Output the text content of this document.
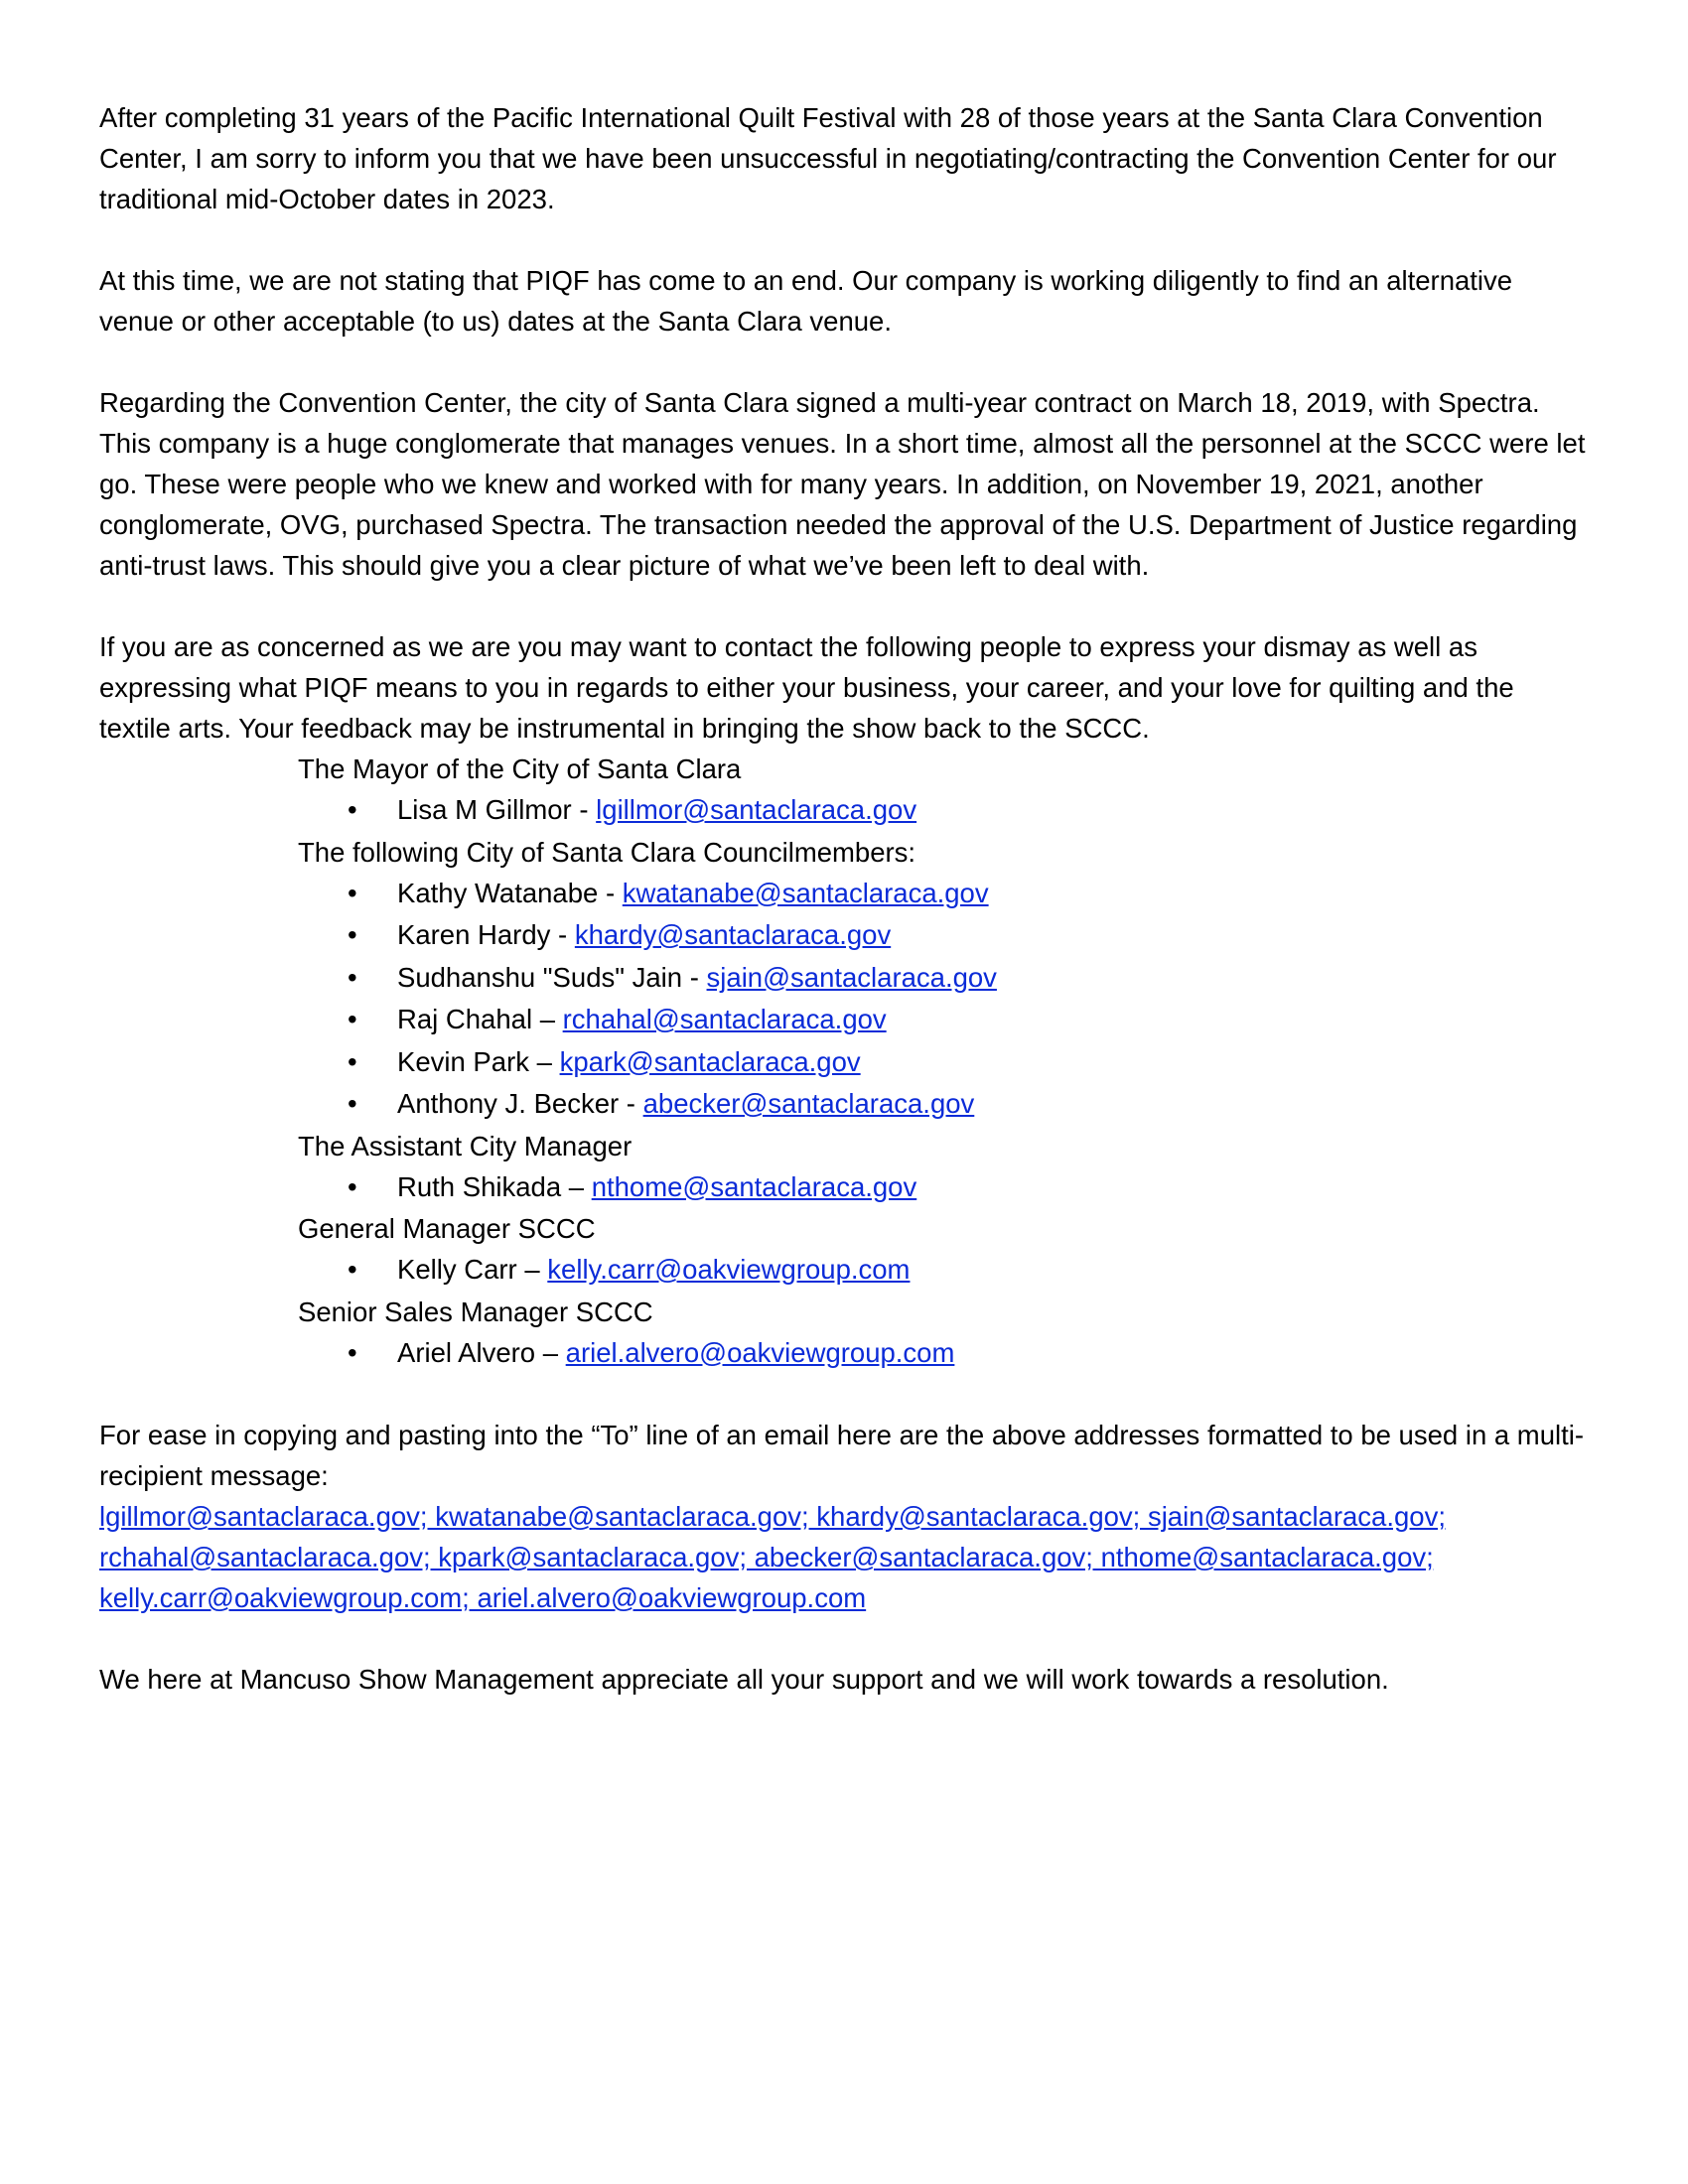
After completing 31 years of the Pacific International Quilt Festival with 28 of those years at the Santa Clara Convention Center, I am sorry to inform you that we have been unsuccessful in negotiating/contracting the Convention Center for our traditional mid-October dates in 2023.

At this time, we are not stating that PIQF has come to an end. Our company is working diligently to find an alternative venue or other acceptable (to us) dates at the Santa Clara venue.

Regarding the Convention Center, the city of Santa Clara signed a multi-year contract on March 18, 2019, with Spectra. This company is a huge conglomerate that manages venues. In a short time, almost all the personnel at the SCCC were let go. These were people who we knew and worked with for many years. In addition, on November 19, 2021, another conglomerate, OVG, purchased Spectra. The transaction needed the approval of the U.S. Department of Justice regarding anti-trust laws. This should give you a clear picture of what we’ve been left to deal with.

If you are as concerned as we are you may want to contact the following people to express your dismay as well as expressing what PIQF means to you in regards to either your business, your career, and your love for quilting and the textile arts. Your feedback may be instrumental in bringing the show back to the SCCC.

The Mayor of the City of Santa Clara
• Lisa M Gillmor - lgillmor@santaclaraca.gov
The following City of Santa Clara Councilmembers:
• Kathy Watanabe - kwatanabe@santaclaraca.gov
• Karen Hardy - khardy@santaclaraca.gov
• Sudhanshu "Suds" Jain - sjain@santaclaraca.gov
• Raj Chahal – rchahal@santaclaraca.gov
• Kevin Park – kpark@santaclaraca.gov
• Anthony J. Becker - abecker@santaclaraca.gov
The Assistant City Manager
• Ruth Shikada – nthome@santaclaraca.gov
General Manager SCCC
• Kelly Carr – kelly.carr@oakviewgroup.com
Senior Sales Manager SCCC
• Ariel Alvero – ariel.alvero@oakviewgroup.com

For ease in copying and pasting into the “To” line of an email here are the above addresses formatted to be used in a multi-recipient message:
lgillmor@santaclaraca.gov; kwatanabe@santaclaraca.gov; khardy@santaclaraca.gov; sjain@santaclaraca.gov; rchahal@santaclaraca.gov; kpark@santaclaraca.gov; abecker@santaclaraca.gov; nthome@santaclaraca.gov; kelly.carr@oakviewgroup.com; ariel.alvero@oakviewgroup.com

We here at Mancuso Show Management appreciate all your support and we will work towards a resolution.
